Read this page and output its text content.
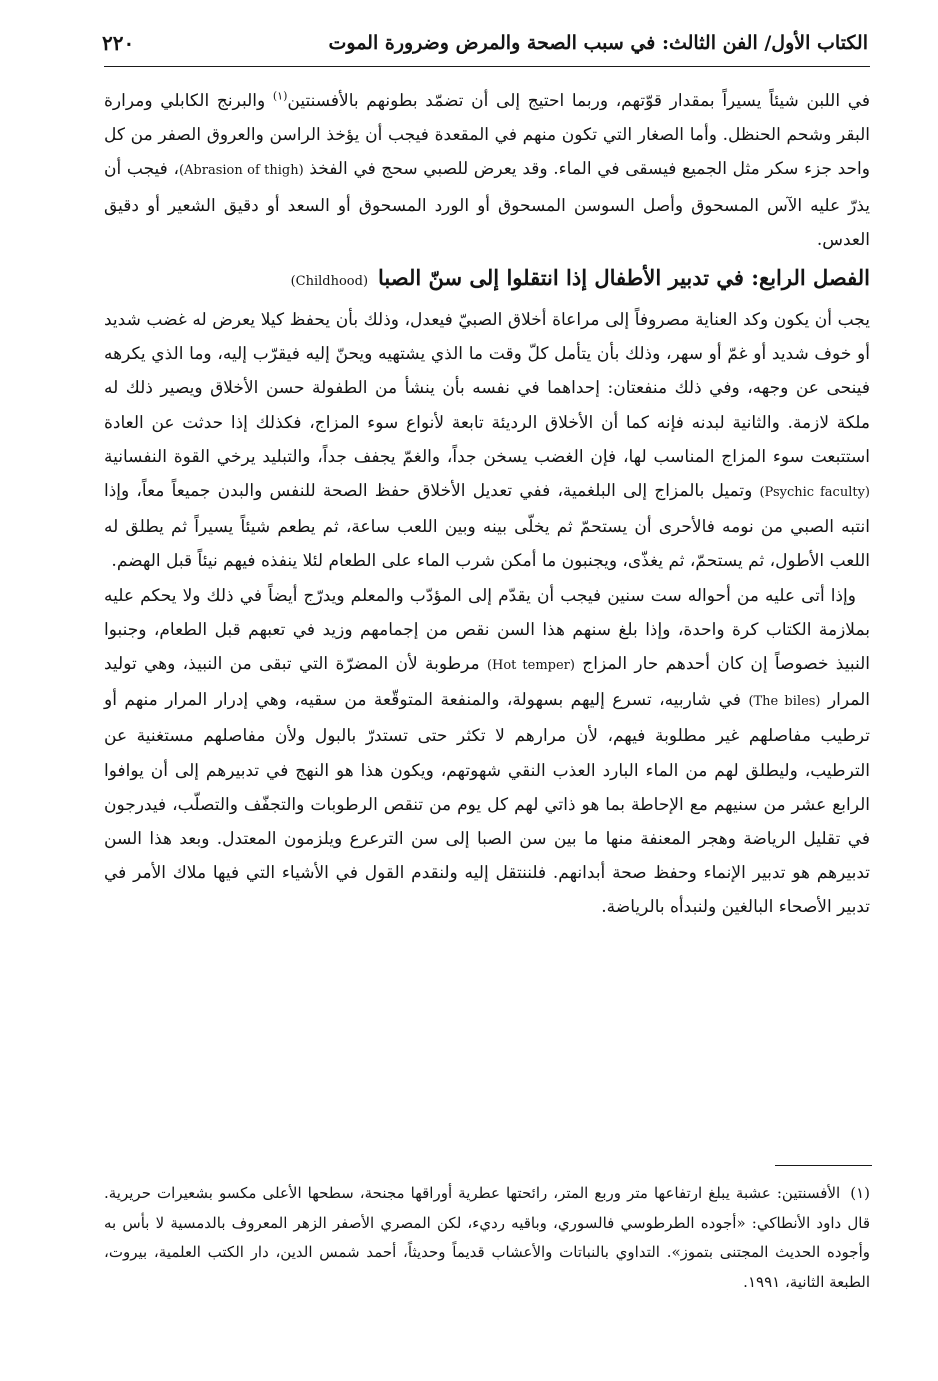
الكتاب الأول/ الفن الثالث: في سبب الصحة والمرض وضرورة الموت
٢٢٠

في اللبن شيئاً يسيراً بمقدار قوّتهم، وربما احتيج إلى أن تضمّد بطونهم بالأفسنتين$^{(١)}$ والبرنج الكابلي ومرارة البقر وشحم الحنظل. وأما الصغار التي تكون منهم في المقعدة فيجب أن يؤخذ الراسن والعروق الصفر من كل واحد جزء سكر مثل الجميع فيسقى في الماء. وقد يعرض للصبي سحج في الفخذ (Abrasion of thigh)، فيجب أن يذرّ عليه الآس المسحوق وأصل السوسن المسحوق أو الورد المسحوق أو السعد أو دقيق الشعير أو دقيق العدس.

الفصل الرابع: في تدبير الأطفال إذا انتقلوا إلى سنّ الصبا(Childhood)

يجب أن يكون وكد العناية مصروفاً إلى مراعاة أخلاق الصبيّ فيعدل، وذلك بأن يحفظ كيلا يعرض له غضب شديد أو خوف شديد أو غمّ أو سهر، وذلك بأن يتأمل كلّ وقت ما الذي يشتهيه ويحنّ إليه فيقرّب إليه، وما الذي يكرهه فينحى عن وجهه، وفي ذلك منفعتان: إحداهما في نفسه بأن ينشأ من الطفولة حسن الأخلاق ويصير ذلك له ملكة لازمة. والثانية لبدنه فإنه كما أن الأخلاق الرديئة تابعة لأنواع سوء المزاج، فكذلك إذا حدثت عن العادة استتبعت سوء المزاج المناسب لها، فإن الغضب يسخن جداً، والغمّ يجفف جداً، والتبليد يرخي القوة النفسانية (Psychic faculty) وتميل بالمزاج إلى البلغمية، ففي تعديل الأخلاق حفظ الصحة للنفس والبدن جميعاً معاً، وإذا انتبه الصبي من نومه فالأحرى أن يستحمّ ثم يخلّى بينه وبين اللعب ساعة، ثم يطعم شيئاً يسيراً ثم يطلق له اللعب الأطول، ثم يستحمّ، ثم يغذّى، ويجنبون ما أمكن شرب الماء على الطعام لئلا ينفذه فيهم نيئاً قبل الهضم.

وإذا أتى عليه من أحواله ست سنين فيجب أن يقدّم إلى المؤدّب والمعلم ويدرّج أيضاً في ذلك ولا يحكم عليه بملازمة الكتاب كرة واحدة، وإذا بلغ سنهم هذا السن نقص من إجمامهم وزيد في تعبهم قبل الطعام، وجنبوا النبيذ خصوصاً إن كان أحدهم حار المزاج (Hot temper) مرطوبة لأن المضرّة التي تبقى من النبيذ، وهي توليد المرار (The biles) في شاربيه، تسرع إليهم بسهولة، والمنفعة المتوقّعة من سقيه، وهي إدرار المرار منهم أو ترطيب مفاصلهم غير مطلوبة فيهم، لأن مرارهم لا تكثر حتى تستدرّ بالبول ولأن مفاصلهم مستغنية عن الترطيب، وليطلق لهم من الماء البارد العذب النقي شهوتهم، ويكون هذا هو النهج في تدبيرهم إلى أن يوافوا الرابع عشر من سنيهم مع الإحاطة بما هو ذاتي لهم كل يوم من تنقص الرطوبات والتجفّف والتصلّب، فيدرجون في تقليل الرياضة وهجر المعنفة منها ما بين سن الصبا إلى سن الترعرع ويلزمون المعتدل. وبعد هذا السن تدبيرهم هو تدبير الإنماء وحفظ صحة أبدانهم. فلننتقل إليه ولنقدم القول في الأشياء التي فيها ملاك الأمر في تدبير الأصحاء البالغين ولنبدأه بالرياضة.

(١)الأفسنتين: عشبة يبلغ ارتفاعها متر وربع المتر، رائحتها عطرية أوراقها مجنحة، سطحها الأعلى مكسو بشعيرات حريرية. قال داود الأنطاكي: «أجوده الطرطوسي فالسوري، وباقيه رديء، لكن المصري الأصفر الزهر المعروف بالدمسية لا بأس به وأجوده الحديث المجتنى بتموز». التداوي بالنباتات والأعشاب قديماً وحديثاً، أحمد شمس الدين، دار الكتب العلمية، بيروت، الطبعة الثانية، ١٩٩١.
